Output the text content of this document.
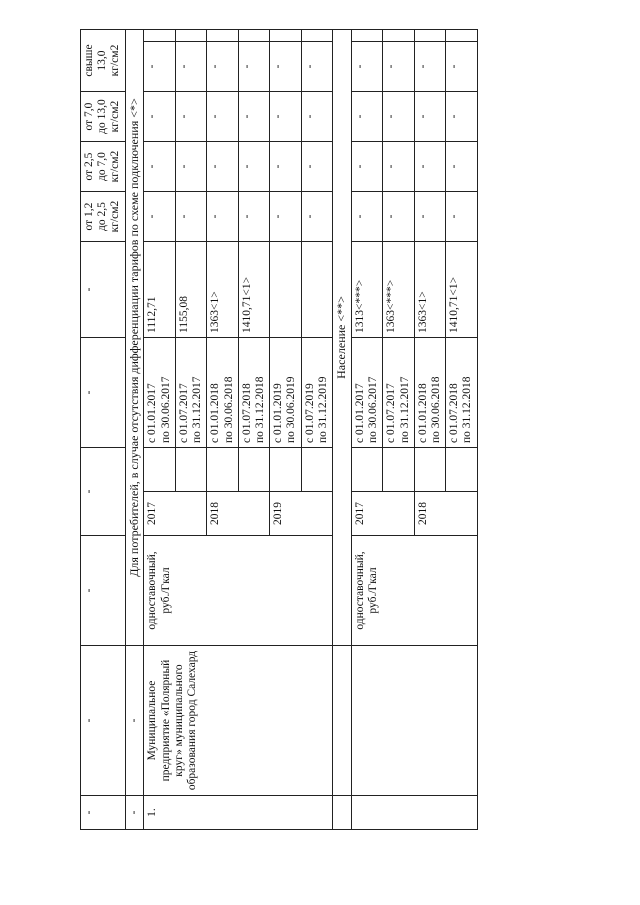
-	-	-	-		-	-	от 1,2
до 2,5
кг/см2	от 2,5
до 7,0
кг/см2	от 7,0
до 13,0
кг/см2	свыше
13,0
кг/см2	
-	-	Для потребителей, в случае отсутствия дифференциации тарифов по схеме подключения <*>									
1.	Муниципальное предприятие «Полярный круг» муниципального образования город Салехард	одноставочный, руб./Гкал	2017		с 01.01.2017
по 30.06.2017	1112,71	-	-	-	-	
					с 01.07.2017
по 31.12.2017	1155,08	-	-	-	-	
			2018		с 01.01.2018
по 30.06.2018	1363<1>	-	-	-	-	
					с 01.07.2018
по 31.12.2018	1410,71<1>	-	-	-	-	
			2019		с 01.01.2019
по 30.06.2019		-	-	-	-	
					с 01.07.2019
по 31.12.2019		-	-	-	-	
		Население <**>									
		одноставочный, руб./Гкал	2017		с 01.01.2017
по 30.06.2017	1313<***>	-	-	-	-	
					с 01.07.2017
по 31.12.2017	1363<***>	-	-	-	-	
			2018		с 01.01.2018
по 30.06.2018	1363<1>	-	-	-	-	
					с 01.07.2018
по 31.12.2018	1410,71<1>	-	-	-	-	
